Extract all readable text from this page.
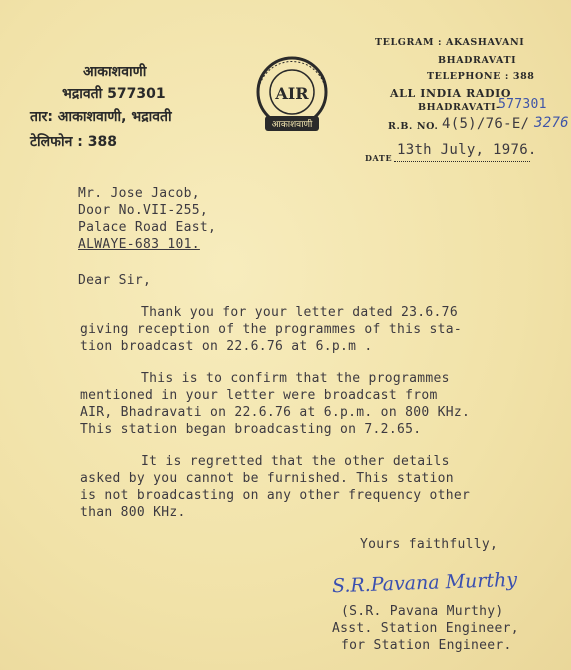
आकाशवाणी
भद्रावती 577301
तार: आकाशवाणी, भद्रावती
टेलिफोन : 388
AIR
आकाशवाणी
TELGRAM : AKASHAVANI
BHADRAVATI
TELEPHONE : 388
ALL INDIA RADIO
BHADRAVATI-
577301
R.B. NO. 4(5)/76-E/ 3276
DATE 13th July, 1976.
Mr. Jose Jacob,
Door No.VII-255,
Palace Road East,
ALWAYE-683 101.
Dear Sir,
Thank you for your letter dated 23.6.76
giving reception of the programmes of this sta-
tion broadcast on 22.6.76 at 6.p.m .
This is to confirm that the programmes
mentioned in your letter were broadcast from
AIR, Bhadravati on 22.6.76 at 6.p.m. on 800 KHz.
This station began broadcasting on 7.2.65.
It is regretted that the other details
asked by you cannot be furnished. This station
is not broadcasting on any other frequency other
than 800 KHz.
Yours faithfully,
S.R.Pavana Murthy
(S.R. Pavana Murthy)
Asst. Station Engineer,
for Station Engineer.
